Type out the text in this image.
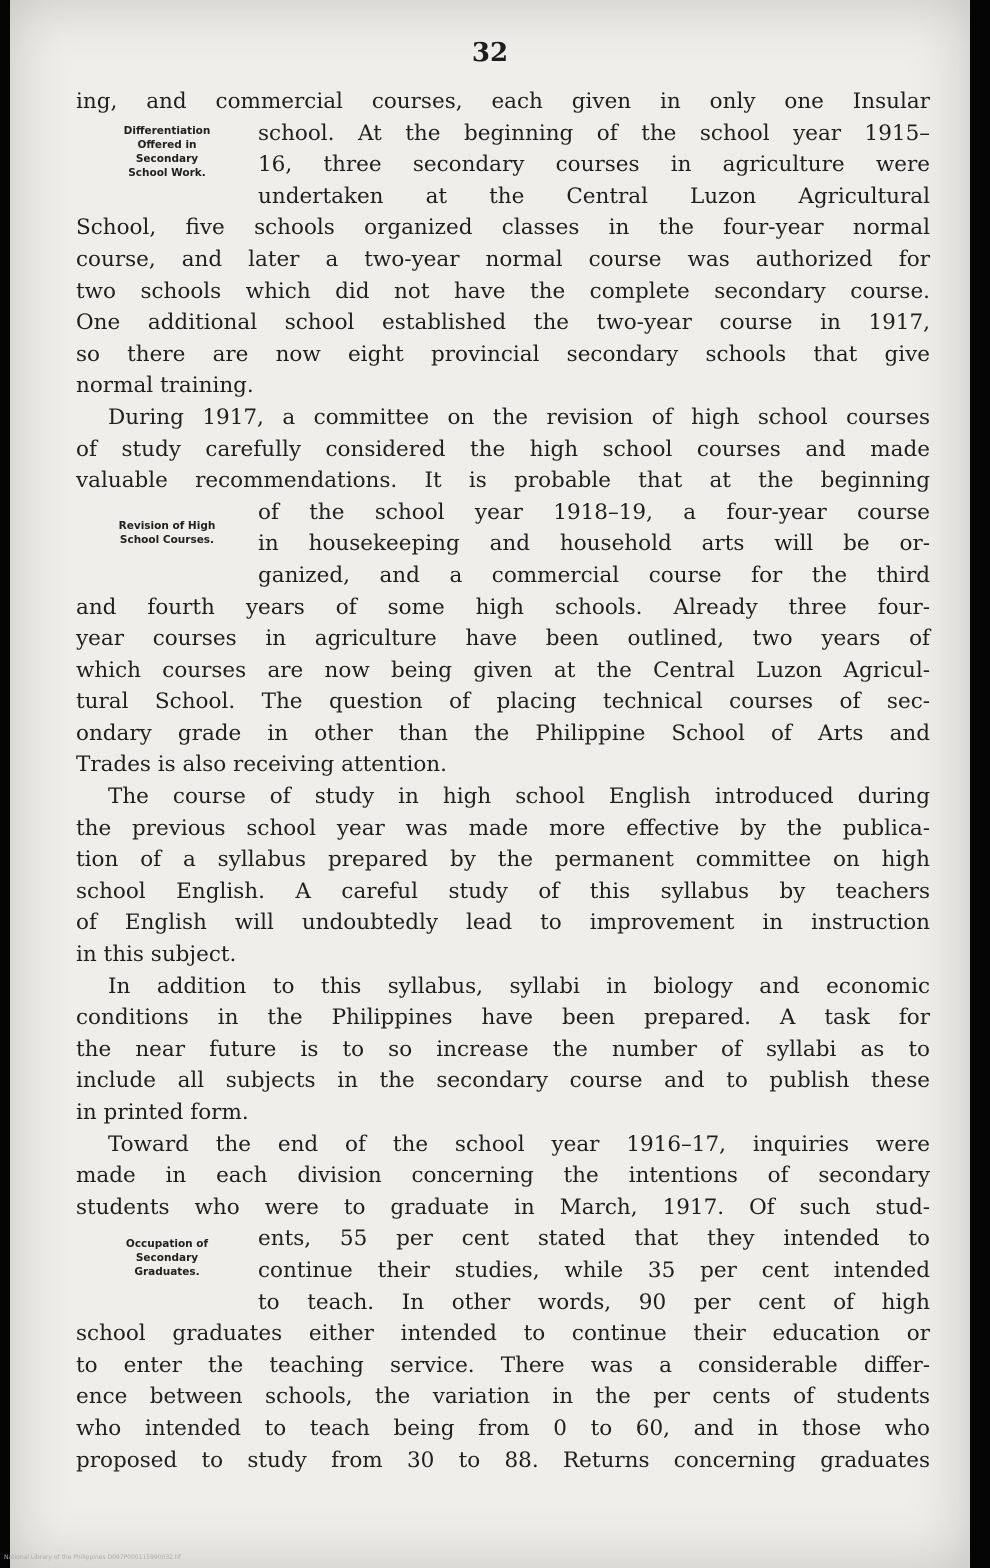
32
ing, and commercial courses, each given in only one Insular
Differentiation
Offered in
Secondary
School Work.
school. At the beginning of the school year 1915–
16, three secondary courses in agriculture were
undertaken at the Central Luzon Agricultural
School, five schools organized classes in the four-year normal
course, and later a two-year normal course was authorized for
two schools which did not have the complete secondary course.
One additional school established the two-year course in 1917,
so there are now eight provincial secondary schools that give
normal training.
During 1917, a committee on the revision of high school courses
of study carefully considered the high school courses and made
valuable recommendations. It is probable that at the beginning
Revision of High
School Courses.
of the school year 1918–19, a four-year course
in housekeeping and household arts will be or-
ganized, and a commercial course for the third
and fourth years of some high schools. Already three four-
year courses in agriculture have been outlined, two years of
which courses are now being given at the Central Luzon Agricul-
tural School. The question of placing technical courses of sec-
ondary grade in other than the Philippine School of Arts and
Trades is also receiving attention.
The course of study in high school English introduced during
the previous school year was made more effective by the publica-
tion of a syllabus prepared by the permanent committee on high
school English. A careful study of this syllabus by teachers
of English will undoubtedly lead to improvement in instruction
in this subject.
In addition to this syllabus, syllabi in biology and economic
conditions in the Philippines have been prepared. A task for
the near future is to so increase the number of syllabi as to
include all subjects in the secondary course and to publish these
in printed form.
Toward the end of the school year 1916–17, inquiries were
made in each division concerning the intentions of secondary
students who were to graduate in March, 1917. Of such stud-
Occupation of
Secondary
Graduates.
ents, 55 per cent stated that they intended to
continue their studies, while 35 per cent intended
to teach. In other words, 90 per cent of high
school graduates either intended to continue their education or
to enter the teaching service. There was a considerable differ-
ence between schools, the variation in the per cents of students
who intended to teach being from 0 to 60, and in those who
proposed to study from 30 to 88. Returns concerning graduates
National Library of the Philippines D097P000115990032.tif
